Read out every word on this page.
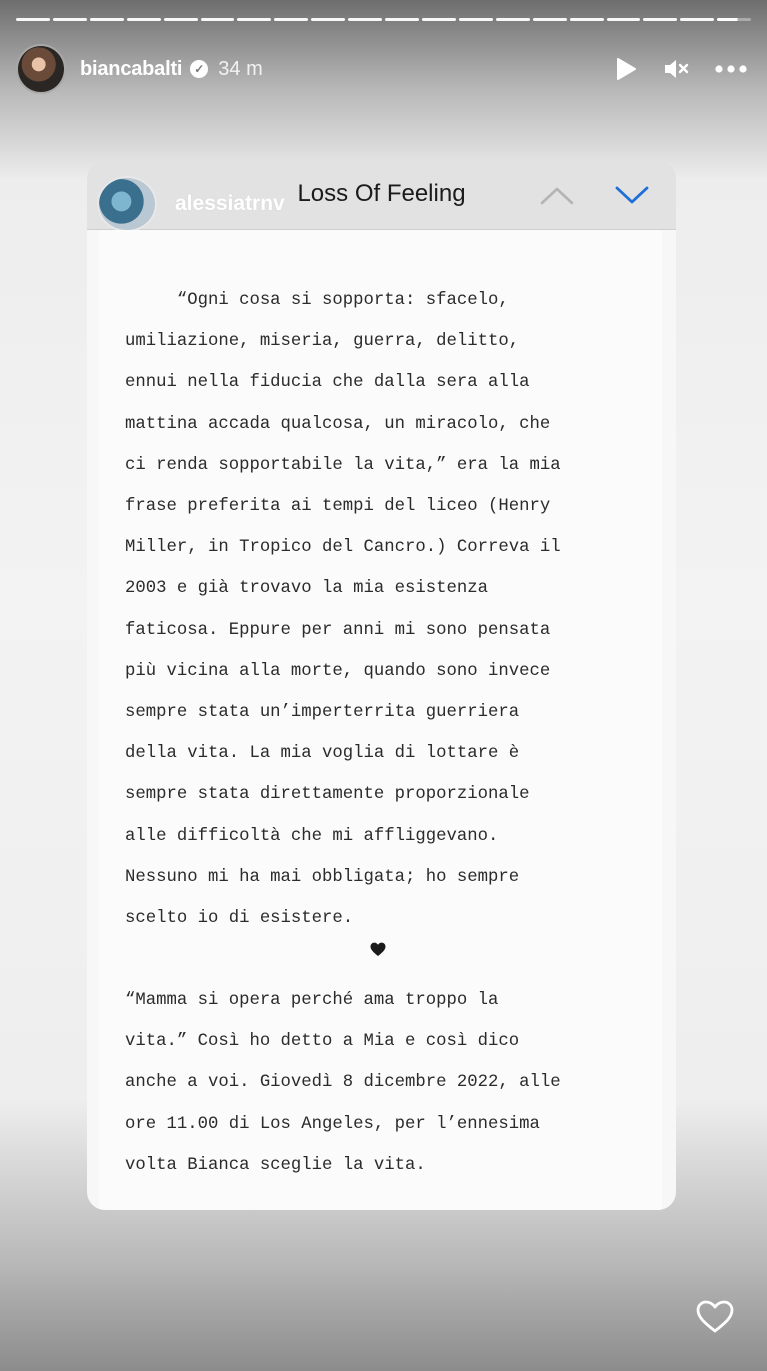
biancabalti ✓ 34 m
alessiatrnv Loss Of Feeling
“Ogni cosa si sopporta: sfacelo,
umiliazione, miseria, guerra, delitto,
ennui nella fiducia che dalla sera alla
mattina accada qualcosa, un miracolo, che
ci renda sopportabile la vita,” era la mia
frase preferita ai tempi del liceo (Henry
Miller, in Tropico del Cancro.) Correva il
2003 e già trovavo la mia esistenza
faticosa. Eppure per anni mi sono pensata
più vicina alla morte, quando sono invece
sempre stata un’imperterrita guerriera
della vita. La mia voglia di lottare è
sempre stata direttamente proporzionale
alle difficoltà che mi affliggevano.
Nessuno mi ha mai obbligata; ho sempre
scelto io di esistere.
“Mamma si opera perché ama troppo la
vita.” Così ho detto a Mia e così dico
anche a voi. Giovedì 8 dicembre 2022, alle
ore 11.00 di Los Angeles, per l’ennesima
volta Bianca sceglie la vita.
